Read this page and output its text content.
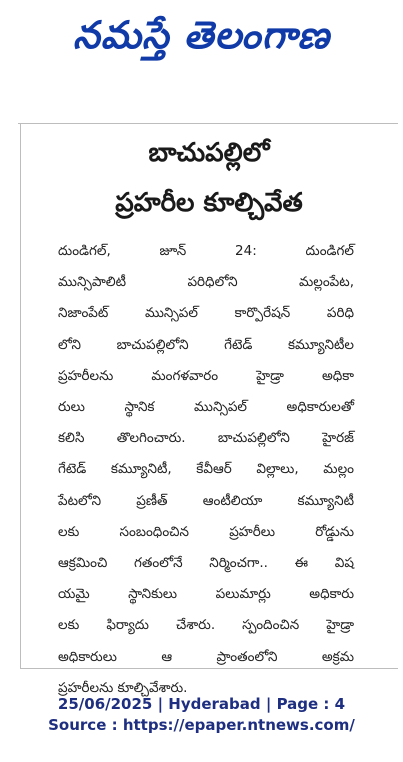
నమస్తే తెలంగాణ
బాచుపల్లిలో
ప్రహరీల కూల్చివేత
దుండిగల్, జూన్ 24: దుండిగల్
మున్సిపాలిటీ పరిధిలోని మల్లంపేట,
నిజాంపేట్ మున్సిపల్ కార్పొరేషన్ పరిధి
లోని బాచుపల్లిలోని గేటెడ్ కమ్యూనిటీల
ప్రహరీలను మంగళవారం హైడ్రా అధికా
రులు స్థానిక మున్సిపల్ అధికారులతో
కలిసి తొలగించారు. బాచుపల్లిలోని హైరజ్
గేటెడ్ కమ్యూనిటీ, కేవీఆర్ విల్లాలు, మల్లం
పేటలోని ప్రణీత్ ఆంటీలియా కమ్యూనిటీ
లకు సంబంధించిన ప్రహరీలు రోడ్డును
ఆక్రమించి గతంలోనే నిర్మించగా.. ఈ విష
యమై స్థానికులు పలుమార్లు అధికారు
లకు ఫిర్యాదు చేశారు. స్పందించిన హైడ్రా
అధికారులు ఆ ప్రాంతంలోని అక్రమ
ప్రహరీలను కూల్చివేశారు.
25/06/2025 | Hyderabad | Page : 4
Source : https://epaper.ntnews.com/
